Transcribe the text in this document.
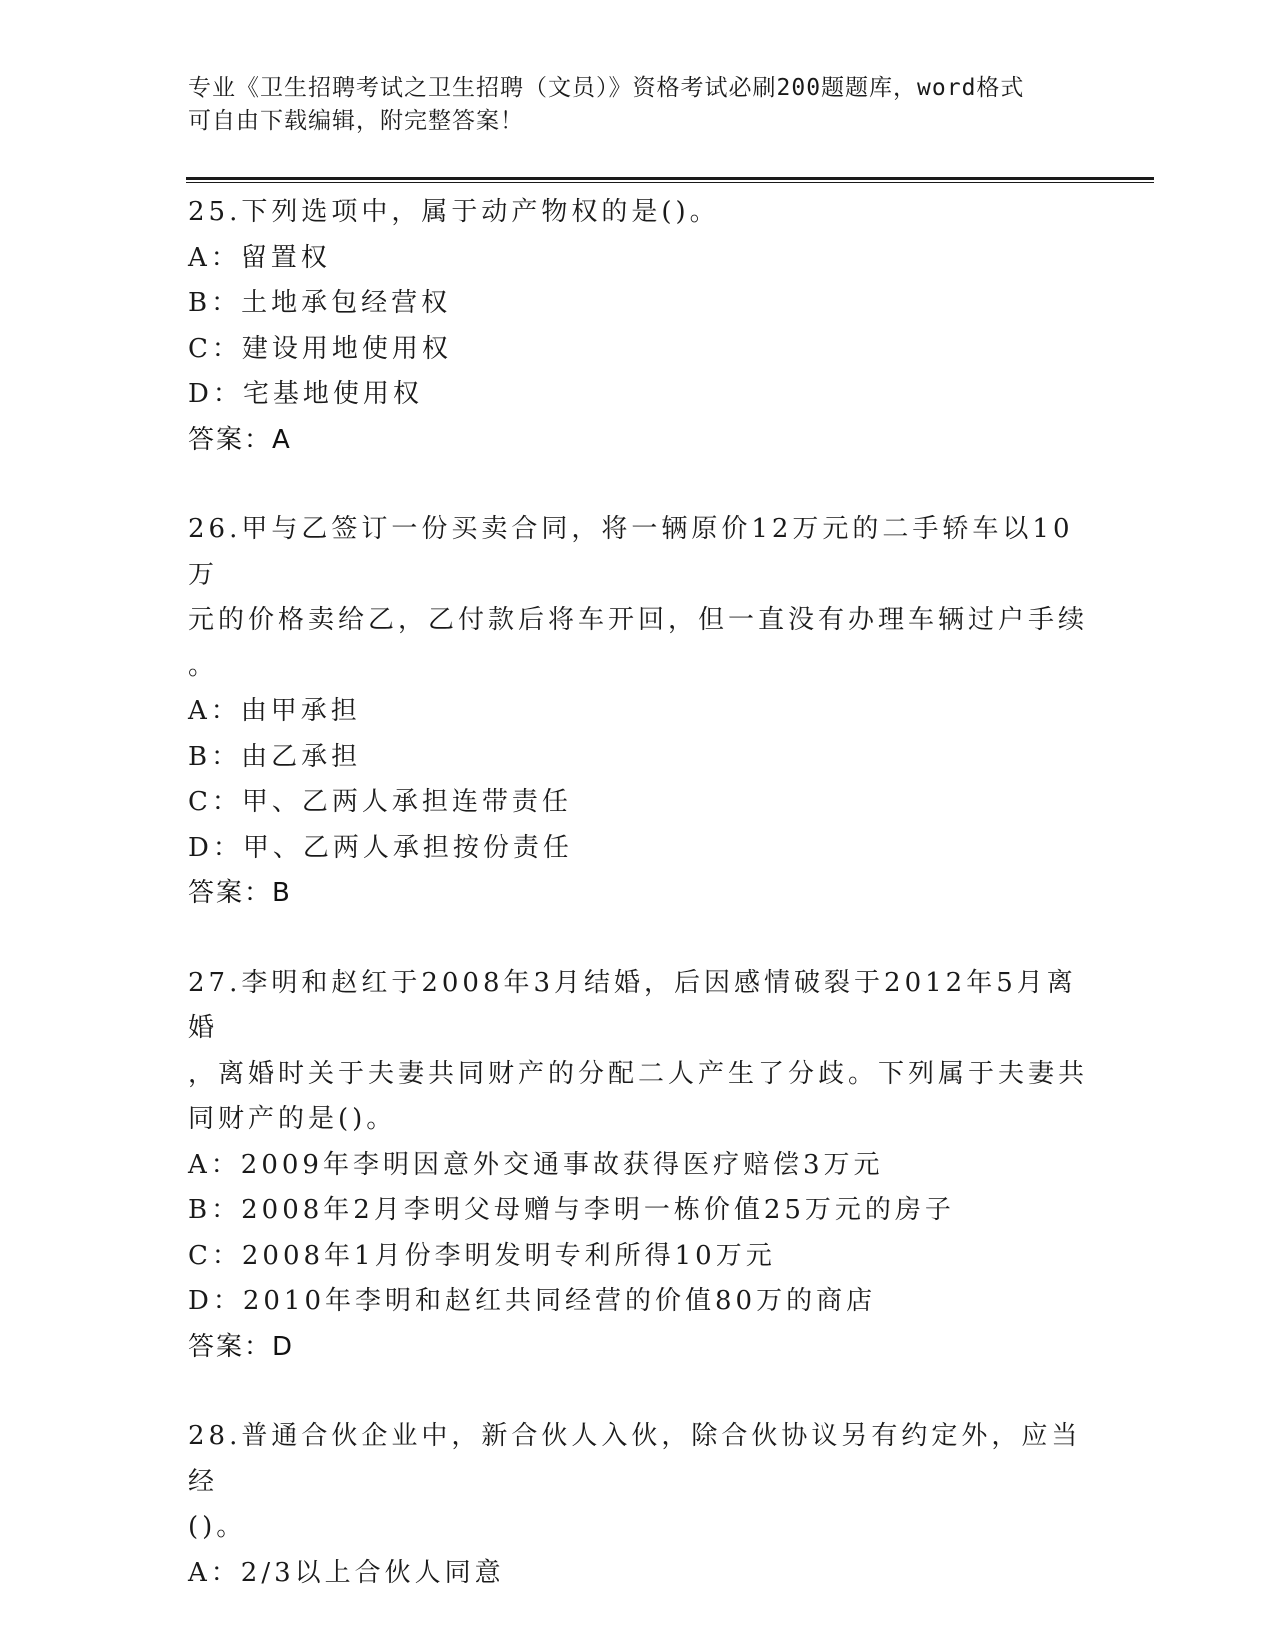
专业《卫生招聘考试之卫生招聘（文员）》资格考试必刷200题题库，word格式
可自由下载编辑，附完整答案！

25.下列选项中，属于动产物权的是()。

A：留置权

B：土地承包经营权

C：建设用地使用权

D：宅基地使用权

答案：A

26.甲与乙签订一份买卖合同，将一辆原价12万元的二手轿车以10万

元的价格卖给乙，乙付款后将车开回，但一直没有办理车辆过户手续

。

A：由甲承担

B：由乙承担

C：甲、乙两人承担连带责任

D：甲、乙两人承担按份责任

答案：B

27.李明和赵红于2008年3月结婚，后因感情破裂于2012年5月离婚

，离婚时关于夫妻共同财产的分配二人产生了分歧。下列属于夫妻共

同财产的是()。

A：2009年李明因意外交通事故获得医疗赔偿3万元

B：2008年2月李明父母赠与李明一栋价值25万元的房子

C：2008年1月份李明发明专利所得10万元

D：2010年李明和赵红共同经营的价值80万的商店

答案：D

28.普通合伙企业中，新合伙人入伙，除合伙协议另有约定外，应当经

()。

A：2/3以上合伙人同意
